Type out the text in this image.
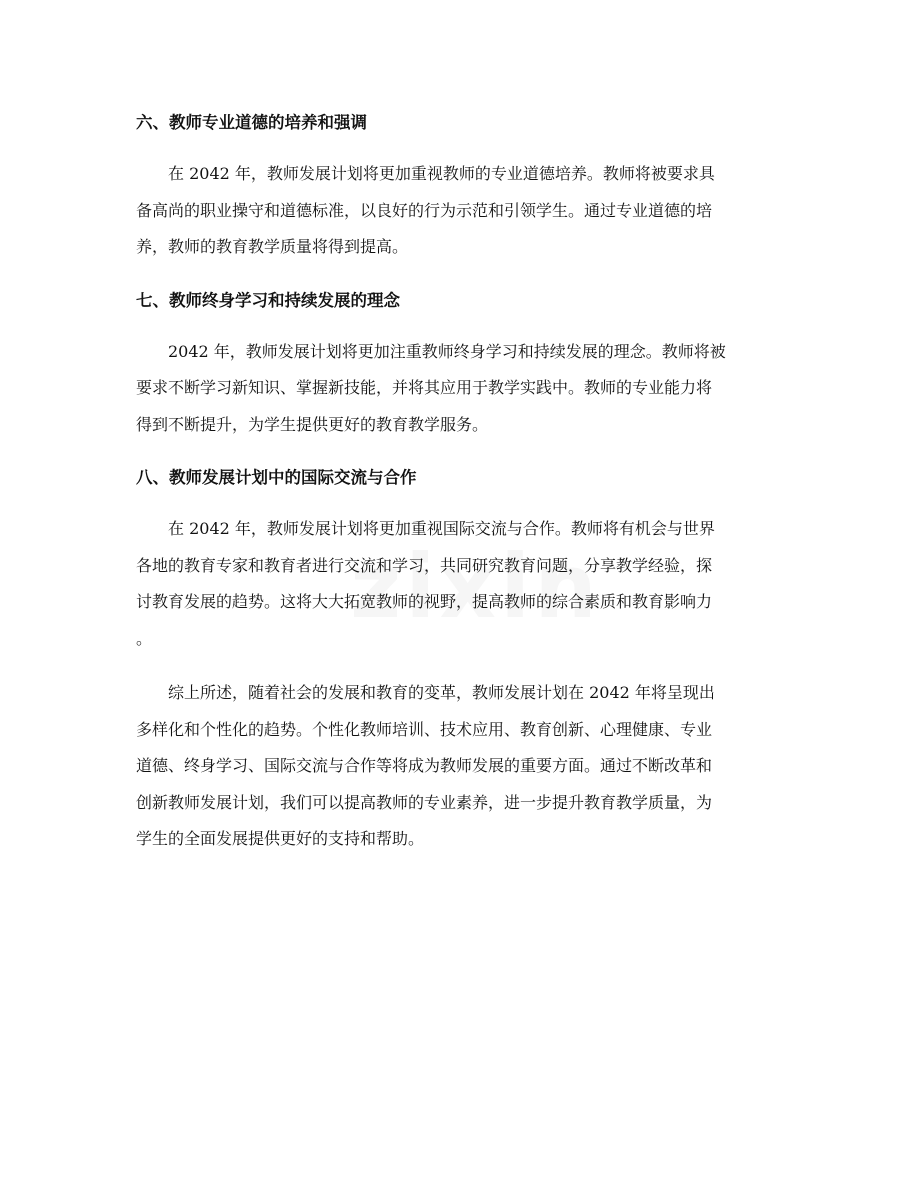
六、教师专业道德的培养和强调
在 2042 年，教师发展计划将更加重视教师的专业道德培养。教师将被要求具
备高尚的职业操守和道德标准，以良好的行为示范和引领学生。通过专业道德的培
养，教师的教育教学质量将得到提高。
七、教师终身学习和持续发展的理念
2042 年，教师发展计划将更加注重教师终身学习和持续发展的理念。教师将被
要求不断学习新知识、掌握新技能，并将其应用于教学实践中。教师的专业能力将
得到不断提升，为学生提供更好的教育教学服务。
八、教师发展计划中的国际交流与合作
在 2042 年，教师发展计划将更加重视国际交流与合作。教师将有机会与世界
各地的教育专家和教育者进行交流和学习，共同研究教育问题，分享教学经验，探
讨教育发展的趋势。这将大大拓宽教师的视野，提高教师的综合素质和教育影响力
。
综上所述，随着社会的发展和教育的变革，教师发展计划在 2042 年将呈现出
多样化和个性化的趋势。个性化教师培训、技术应用、教育创新、心理健康、专业
道德、终身学习、国际交流与合作等将成为教师发展的重要方面。通过不断改革和
创新教师发展计划，我们可以提高教师的专业素养，进一步提升教育教学质量，为
学生的全面发展提供更好的支持和帮助。
